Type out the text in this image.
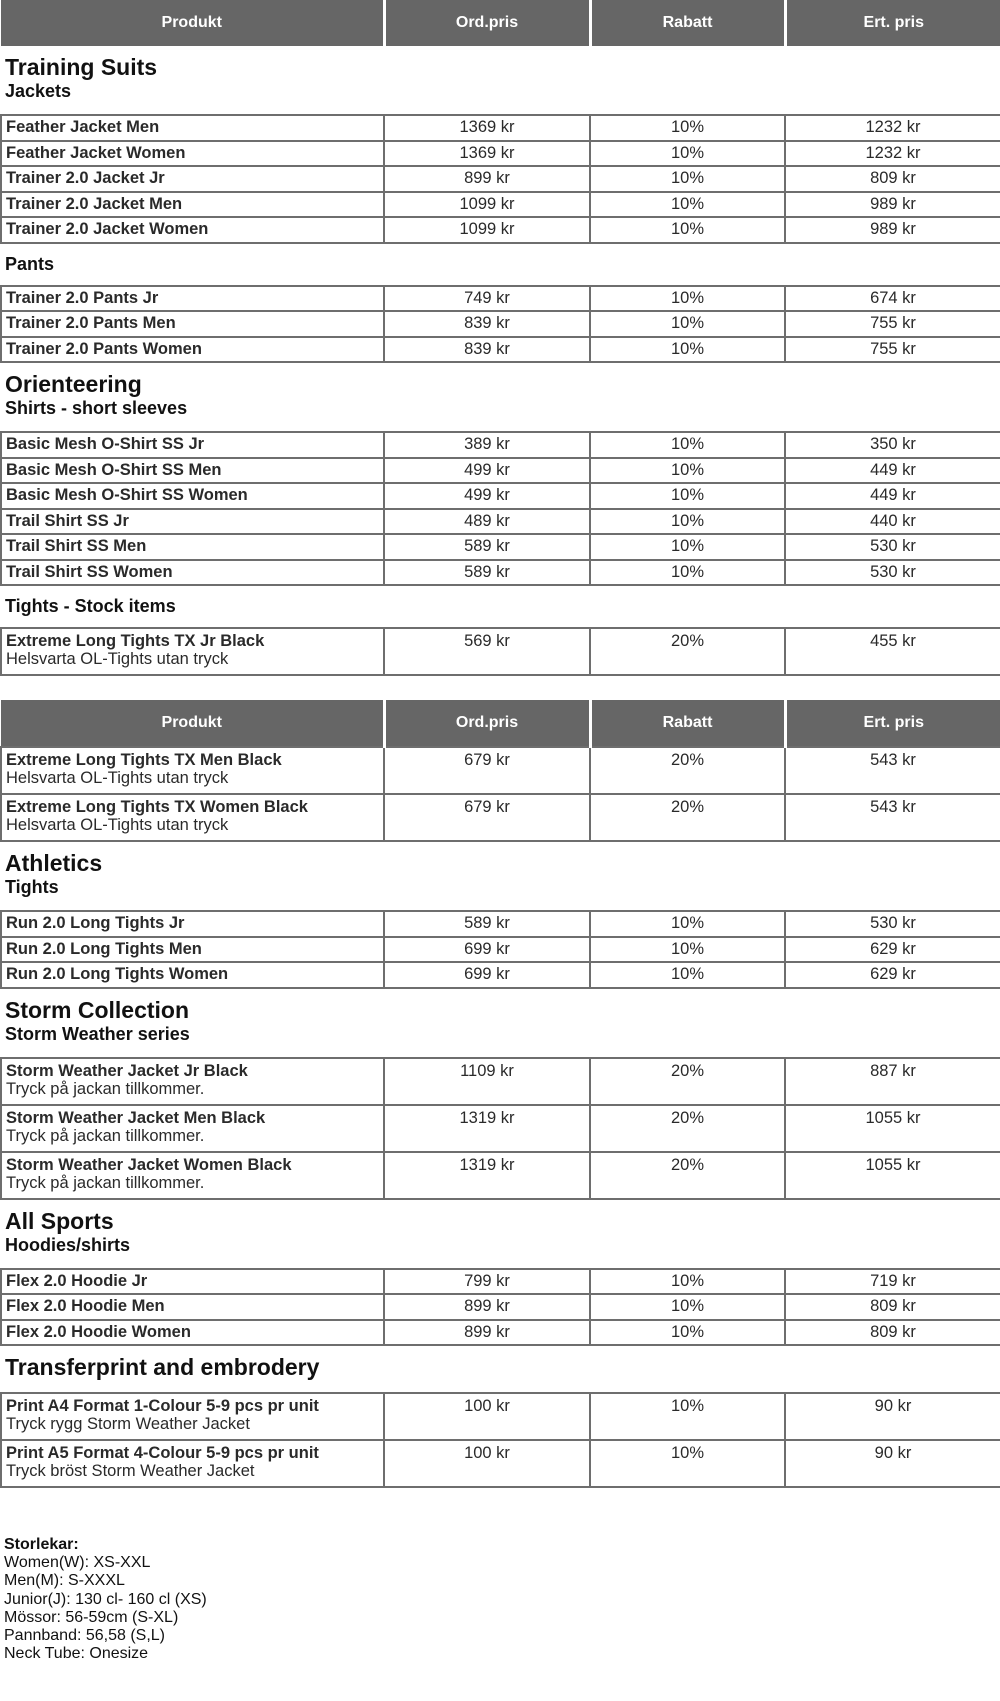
Produkt	Ord.pris	Rabatt	Ert. pris

Training Suits
Jackets			

Feather Jacket Men	1369 kr	10%	1232 kr
Feather Jacket Women	1369 kr	10%	1232 kr
Trainer 2.0 Jacket Jr	899 kr	10%	809 kr
Trainer 2.0 Jacket Men	1099 kr	10%	989 kr
Trainer 2.0 Jacket Women	1099 kr	10%	989 kr
Pants			
Trainer 2.0 Pants Jr	749 kr	10%	674 kr
Trainer 2.0 Pants Men	839 kr	10%	755 kr
Trainer 2.0 Pants Women	839 kr	10%	755 kr

Orienteering
Shirts - short sleeves			

Basic Mesh O-Shirt SS Jr	389 kr	10%	350 kr
Basic Mesh O-Shirt SS Men	499 kr	10%	449 kr
Basic Mesh O-Shirt SS Women	499 kr	10%	449 kr
Trail Shirt SS Jr	489 kr	10%	440 kr
Trail Shirt SS Men	589 kr	10%	530 kr
Trail Shirt SS Women	589 kr	10%	530 kr
Tights - Stock items			

Extreme Long Tights TX Jr Black
Helsvarta OL-Tights utan tryck	569 kr	20%	455 kr
Produkt	Ord.pris	Rabatt	Ert. pris

Extreme Long Tights TX Men Black
Helsvarta OL-Tights utan tryck	679 kr	20%	543 kr

Extreme Long Tights TX Women Black
Helsvarta OL-Tights utan tryck	679 kr	20%	543 kr

Athletics
Tights			

Run 2.0 Long Tights Jr	589 kr	10%	530 kr
Run 2.0 Long Tights Men	699 kr	10%	629 kr
Run 2.0 Long Tights Women	699 kr	10%	629 kr

Storm Collection
Storm Weather series			

Storm Weather Jacket Jr Black
Tryck på jackan tillkommer.	1109 kr	20%	887 kr

Storm Weather Jacket Men Black
Tryck på jackan tillkommer.	1319 kr	20%	1055 kr

Storm Weather Jacket Women Black
Tryck på jackan tillkommer.	1319 kr	20%	1055 kr

All Sports
Hoodies/shirts			

Flex 2.0 Hoodie Jr	799 kr	10%	719 kr
Flex 2.0 Hoodie Men	899 kr	10%	809 kr
Flex 2.0 Hoodie Women	899 kr	10%	809 kr

Transferprint and embrodery			

Print A4 Format 1-Colour 5-9 pcs pr unit
Tryck rygg Storm Weather Jacket	100 kr	10%	90 kr

Print A5 Format 4-Colour 5-9 pcs pr unit
Tryck bröst Storm Weather Jacket	100 kr	10%	90 kr
Storlekar:
Women(W): XS-XXL
Men(M): S-XXXL
Junior(J): 130 cl- 160 cl (XS)
Mössor: 56-59cm (S-XL)
Pannband: 56,58 (S,L)
Neck Tube: Onesize
